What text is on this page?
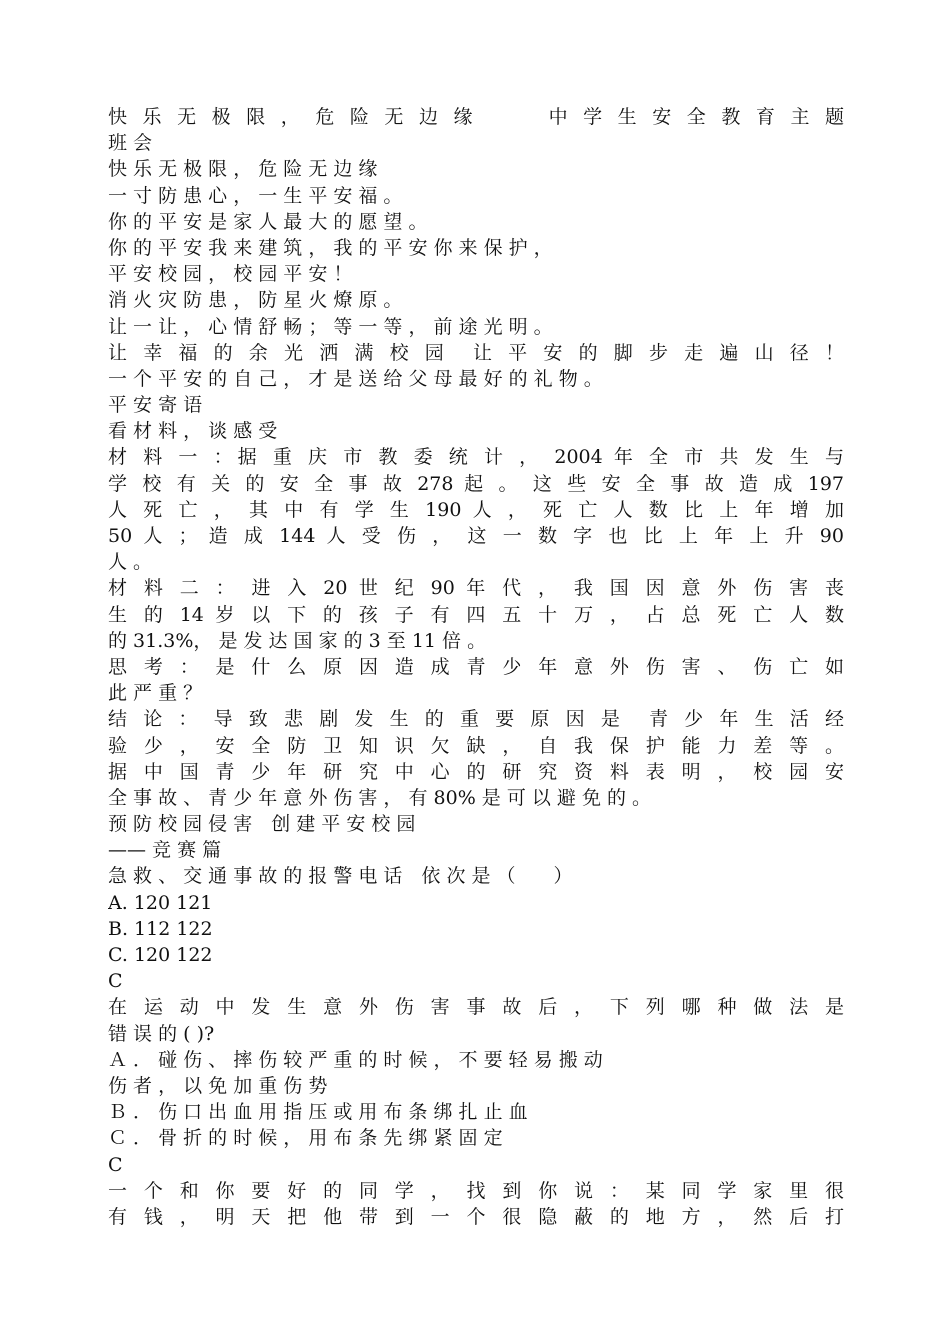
快 乐 无 极 限 ， 危 险 无 边 缘　　　中 学 生 安 全 教 育 主 题
班 会
快 乐 无 极 限 ， 危 险 无 边 缘
一 寸 防 患 心 ， 一 生 平 安 福 。
你 的 平 安 是 家 人 最 大 的 愿 望 。
你 的 平 安 我 来 建 筑 ， 我 的 平 安 你 来 保 护 ，
平 安 校 园 ， 校 园 平 安 ！
消 火 灾 防 患 ， 防 星 火 燎 原 。
让 一 让 ， 心 情 舒 畅 ； 等 一 等 ， 前 途 光 明 。
让 幸 福 的 余 光 洒 满 校 园　让 平 安 的 脚 步 走 遍 山 径 ！
一 个 平 安 的 自 己 ， 才 是 送 给 父 母 最 好 的 礼 物 。
平 安 寄 语
看 材 料 ， 谈 感 受
材 料 一 ：据 重 庆 市 教 委 统 计 ， 2004 年 全 市 共 发 生 与
学 校 有 关 的 安 全 事 故 278 起 。 这 些 安 全 事 故 造 成 197
人 死 亡 ， 其 中 有 学 生 190 人 ， 死 亡 人 数 比 上 年 增 加
50 人 ； 造 成 144 人 受 伤 ， 这 一 数 字 也 比 上 年 上 升 90
人 。
材 料 二 ： 进 入 20 世 纪 90 年 代 ， 我 国 因 意 外 伤 害 丧
生 的 14 岁 以 下 的 孩 子 有 四 五 十 万 ， 占 总 死 亡 人 数
的 31.3%， 是 发 达 国 家 的 3 至 11 倍 。
思 考 ： 是 什 么 原 因 造 成 青 少 年 意 外 伤 害 、 伤 亡 如
此 严 重 ？
结 论 ： 导 致 悲 剧 发 生 的 重 要 原 因 是　青 少 年 生 活 经
验 少 ， 安 全 防 卫 知 识 欠 缺 ， 自 我 保 护 能 力 差 等 。
据 中 国 青 少 年 研 究 中 心 的 研 究 资 料 表 明 ， 校 园 安
全 事 故 、 青 少 年 意 外 伤 害 ， 有 80% 是 可 以 避 免 的 。
预 防 校 园 侵 害　创 建 平 安 校 园
—— 竞 赛 篇
急 救 、 交 通 事 故 的 报 警 电 话　依 次 是 （　　）
A. 120 121
B. 112 122
C. 120 122
C
在 运 动 中 发 生 意 外 伤 害 事 故 后 ， 下 列 哪 种 做 法 是
错 误 的 ( )?
Ａ ． 碰 伤 、 摔 伤 较 严 重 的 时 候 ， 不 要 轻 易 搬 动
伤 者 ， 以 免 加 重 伤 势
Ｂ ． 伤 口 出 血 用 指 压 或 用 布 条 绑 扎 止 血
Ｃ ． 骨 折 的 时 候 ， 用 布 条 先 绑 紧 固 定
C
一 个 和 你 要 好 的 同 学 ， 找 到 你 说 ： 某 同 学 家 里 很
有 钱 ， 明 天 把 他 带 到 一 个 很 隐 蔽 的 地 方 ， 然 后 打
